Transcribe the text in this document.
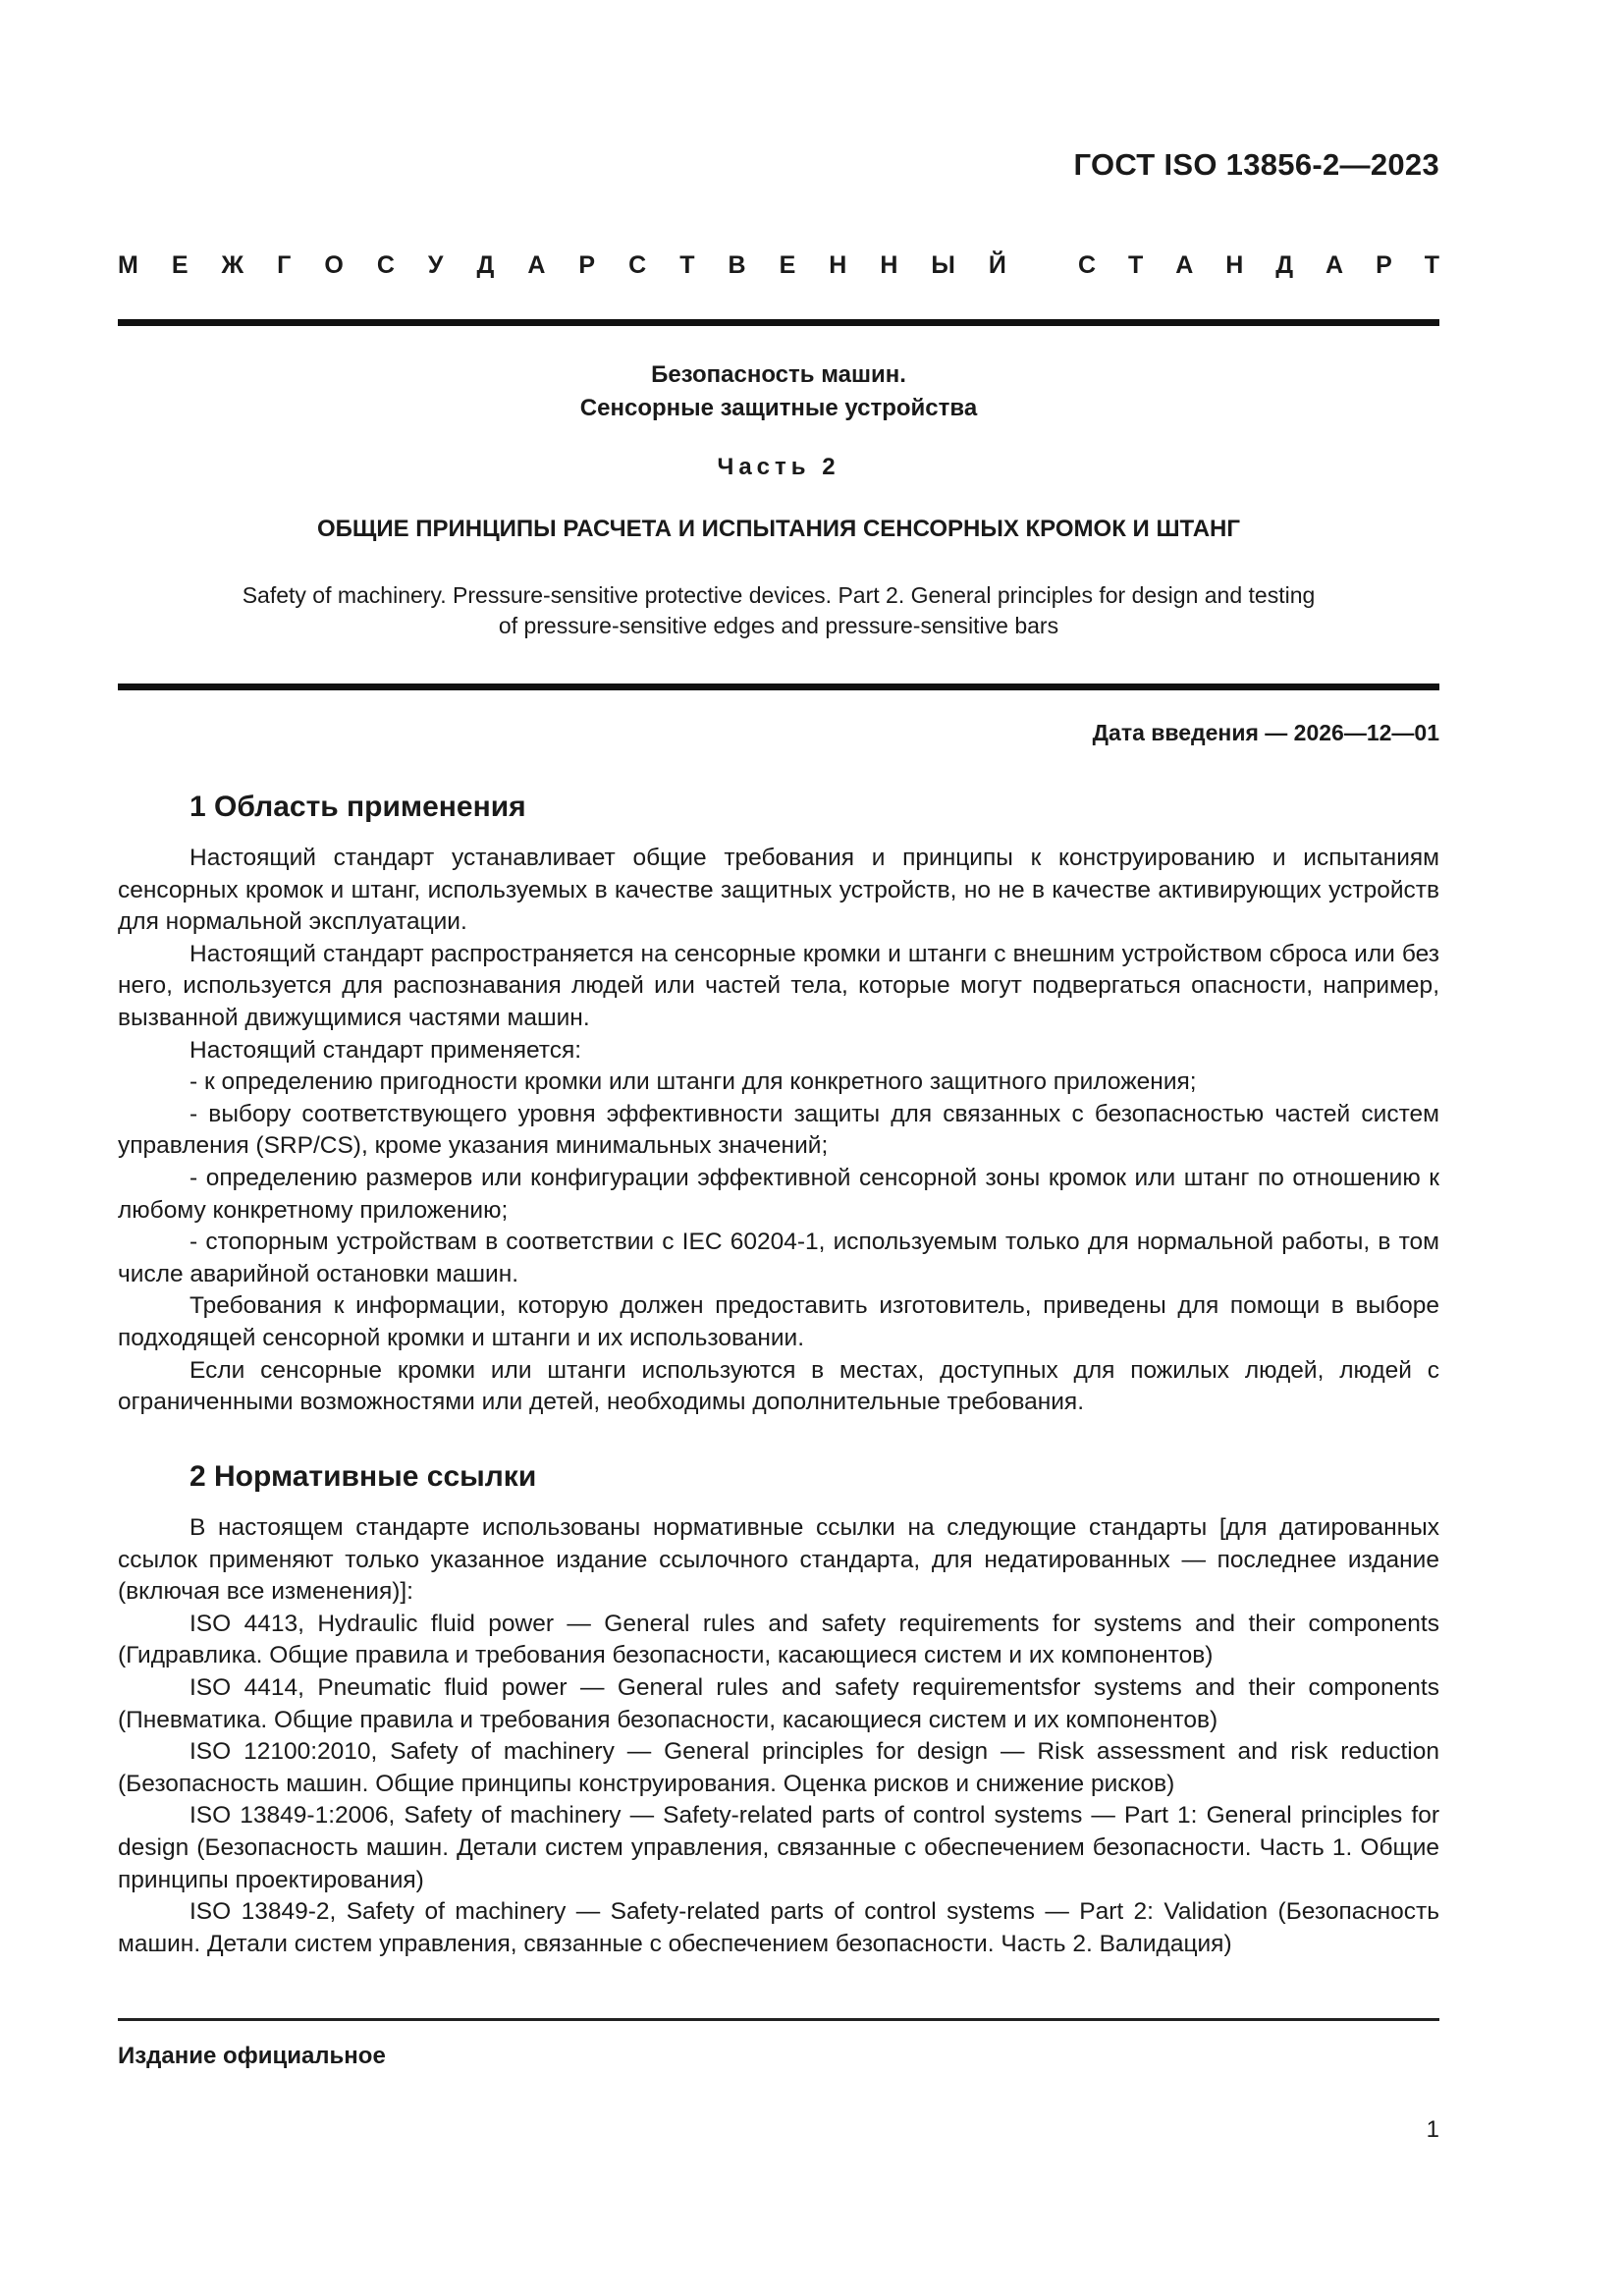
ГОСТ ISO 13856-2—2023
М Е Ж Г О С У Д А Р С Т В Е Н Н Ы Й	С Т А Н Д А Р Т
Безопасность машин.
Сенсорные защитные устройства
Часть 2
ОБЩИЕ ПРИНЦИПЫ РАСЧЕТА И ИСПЫТАНИЯ СЕНСОРНЫХ КРОМОК И ШТАНГ
Safety of machinery. Pressure-sensitive protective devices. Part 2. General principles for design and testing
of pressure-sensitive edges and pressure-sensitive bars
Дата введения — 2026—12—01
1 Область применения

Настоящий стандарт устанавливает общие требования и принципы к конструированию и испытаниям сенсорных кромок и штанг, используемых в качестве защитных устройств, но не в качестве активирующих устройств для нормальной эксплуатации.

Настоящий стандарт распространяется на сенсорные кромки и штанги с внешним устройством сброса или без него, используется для распознавания людей или частей тела, которые могут подвергаться опасности, например, вызванной движущимися частями машин.

Настоящий стандарт применяется:

- к определению пригодности кромки или штанги для конкретного защитного приложения;

- выбору соответствующего уровня эффективности защиты для связанных с безопасностью частей систем управления (SRP/CS), кроме указания минимальных значений;

- определению размеров или конфигурации эффективной сенсорной зоны кромок или штанг по отношению к любому конкретному приложению;

- стопорным устройствам в соответствии с IEC 60204-1, используемым только для нормальной работы, в том числе аварийной остановки машин.

Требования к информации, которую должен предоставить изготовитель, приведены для помощи в выборе подходящей сенсорной кромки и штанги и их использовании.

Если сенсорные кромки или штанги используются в местах, доступных для пожилых людей, людей с ограниченными возможностями или детей, необходимы дополнительные требования.

2 Нормативные ссылки

В настоящем стандарте использованы нормативные ссылки на следующие стандарты [для датированных ссылок применяют только указанное издание ссылочного стандарта, для недатированных — последнее издание (включая все изменения)]:

ISO 4413, Hydraulic fluid power — General rules and safety requirements for systems and their components (Гидравлика. Общие правила и требования безопасности, касающиеся систем и их компонентов)

ISO 4414, Pneumatic fluid power — General rules and safety requirementsfor systems and their components (Пневматика. Общие правила и требования безопасности, касающиеся систем и их компонентов)

ISO 12100:2010, Safety of machinery — General principles for design — Risk assessment and risk reduction (Безопасность машин. Общие принципы конструирования. Оценка рисков и снижение рисков)

ISO 13849-1:2006, Safety of machinery — Safety-related parts of control systems — Part 1: General principles for design (Безопасность машин. Детали систем управления, связанные с обеспечением безопасности. Часть 1. Общие принципы проектирования)

ISO 13849-2, Safety of machinery — Safety-related parts of control systems — Part 2: Validation (Безопасность машин. Детали систем управления, связанные с обеспечением безопасности. Часть 2. Валидация)

Издание официальное
1
